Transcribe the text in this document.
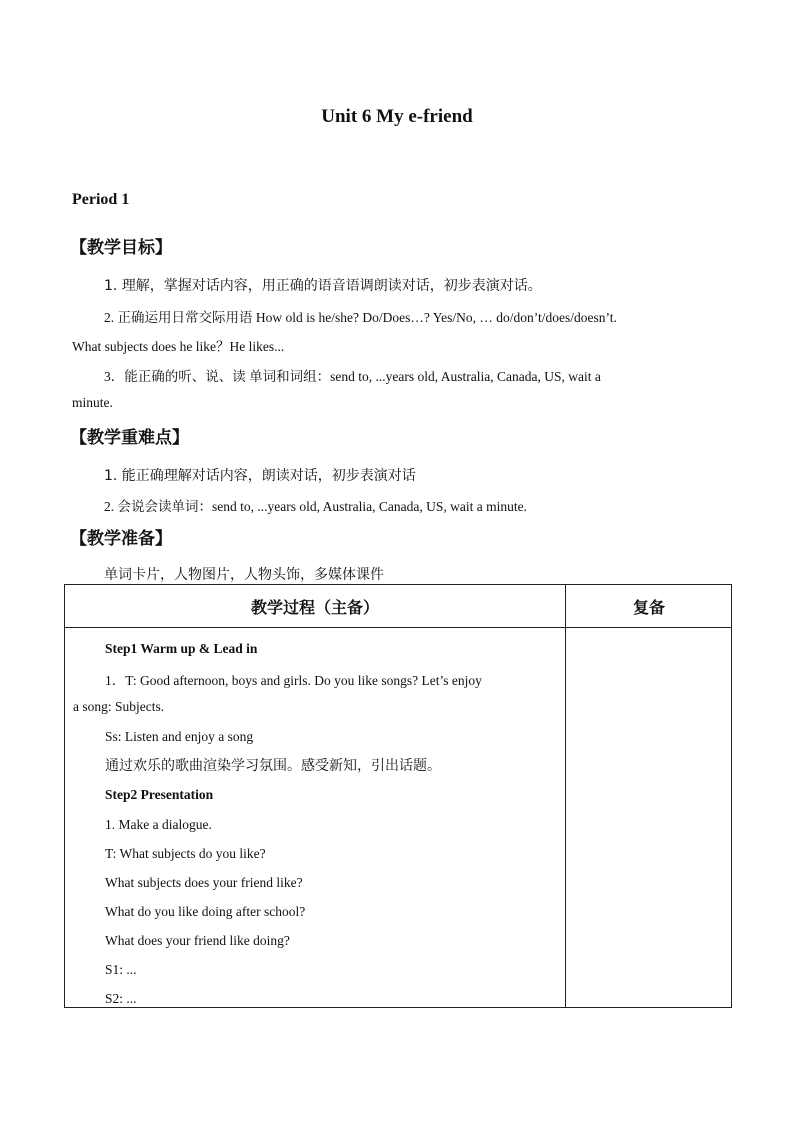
Unit 6 My e-friend
Period 1
【教学目标】
1. 理解，掌握对话内容，用正确的语音语调朗读对话，初步表演对话。
2. 正确运用日常交际用语 How old is he/she? Do/Does…? Yes/No, … do/don’t/does/doesn’t.
What subjects does he like？He likes...
3．能正确的听、说、读 单词和词组：send to, ...years old, Australia, Canada, US, wait a
minute.
【教学重难点】
1. 能正确理解对话内容，朗读对话，初步表演对话
2. 会说会读单词：send to, ...years old, Australia, Canada, US, wait a minute.
【教学准备】
单词卡片，人物图片，人物头饰，多媒体课件
教学过程（主备）	复备
Step1 Warm up & Lead in
1．T: Good afternoon, boys and girls. Do you like songs? Let’s enjoy
a song: Subjects.
Ss: Listen and enjoy a song
通过欢乐的歌曲渲染学习氛围。感受新知，引出话题。
Step2 Presentation
1. Make a dialogue.
T: What subjects do you like?
What subjects does your friend like?
What do you like doing after school?
What does your friend like doing?
S1: ...
S2: ...
